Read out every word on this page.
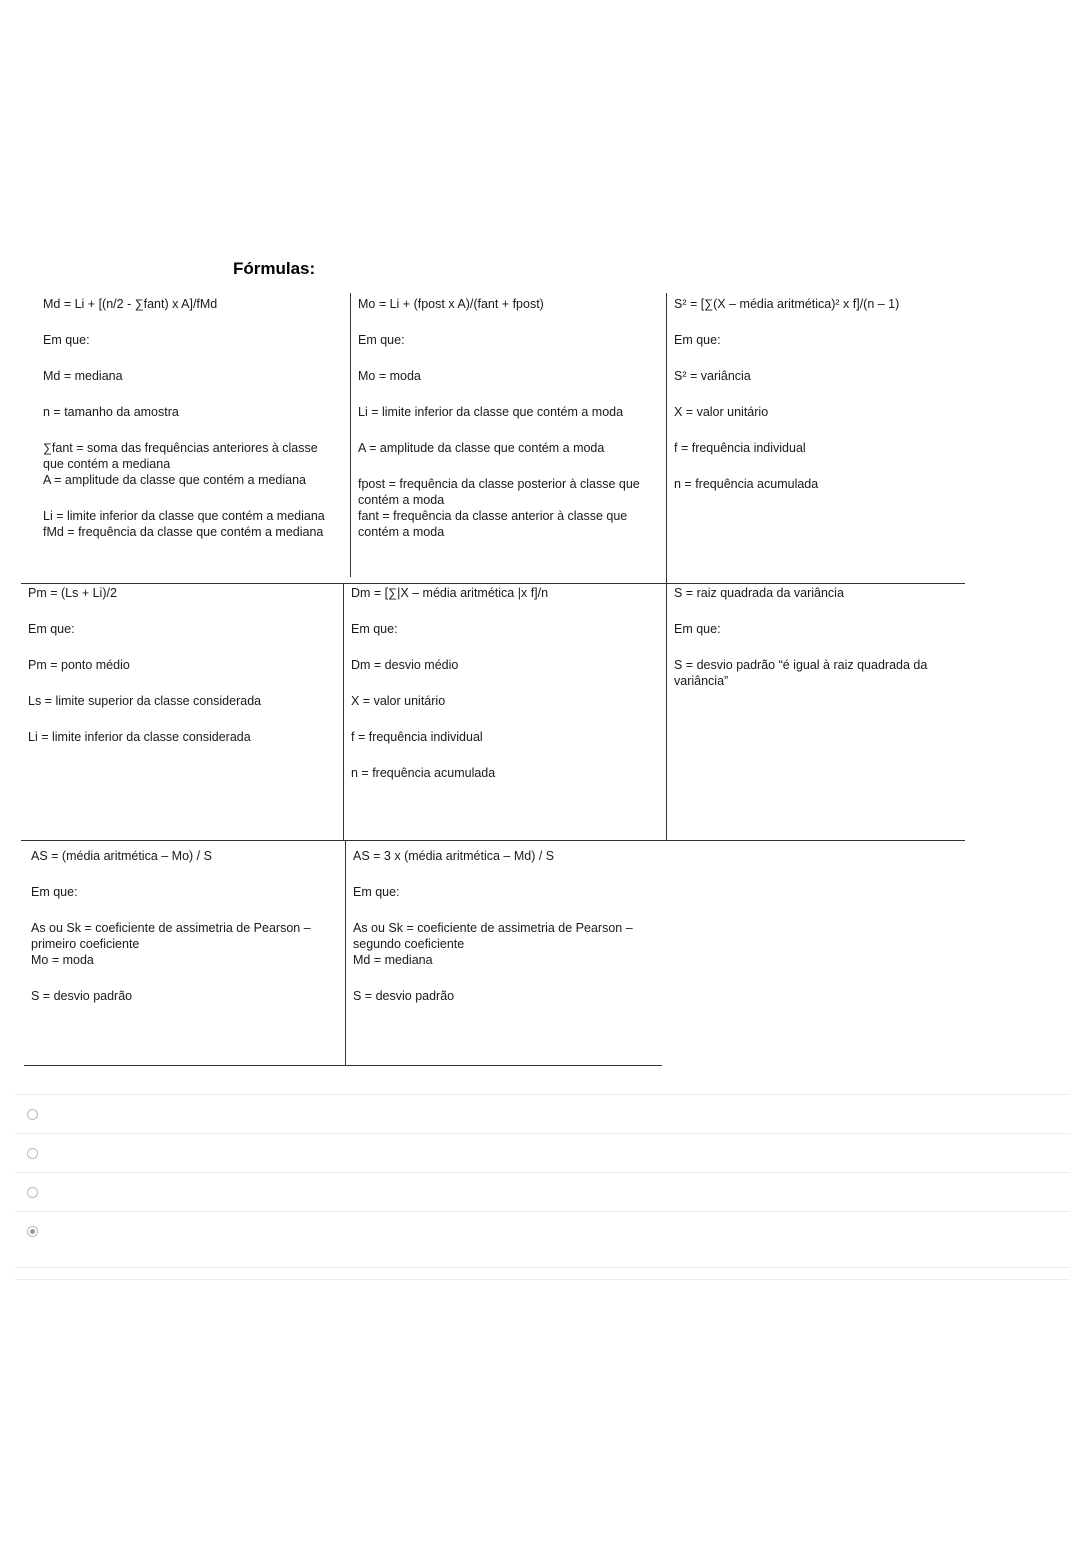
Fórmulas:
Md = Li + [(n/2 - ∑fant) x A]/fMd
Em que:
Md = mediana
n = tamanho da amostra
∑fant = soma das frequências anteriores à classe que contém a mediana
A = amplitude da classe que contém a mediana
Li = limite inferior da classe que contém a mediana
fMd = frequência da classe que contém a mediana
Mo = Li + (fpost x A)/(fant + fpost)
Em que:
Mo = moda
Li = limite inferior da classe que contém a moda
A = amplitude da classe que contém a moda
fpost = frequência da classe posterior à classe que contém a moda
fant = frequência da classe anterior à classe que contém a moda
S² = [∑(X – média aritmética)² x f]/(n – 1)
Em que:
S² = variância
X = valor unitário
f = frequência individual
n = frequência acumulada
Pm = (Ls + Li)/2
Em que:
Pm = ponto médio
Ls = limite superior da classe considerada
Li = limite inferior da classe considerada
Dm = [∑|X – média aritmética |x f]/n
Em que:
Dm = desvio médio
X = valor unitário
f = frequência individual
n = frequência acumulada
S = raiz quadrada da variância
Em que:
S = desvio padrão “é igual à raiz quadrada da variância”
AS = (média aritmética – Mo) / S
Em que:
As ou Sk = coeficiente de assimetria de Pearson – primeiro coeficiente
Mo = moda
S = desvio padrão
AS = 3 x (média aritmética – Md) / S
Em que:
As ou Sk = coeficiente de assimetria de Pearson – segundo coeficiente
Md = mediana
S = desvio padrão
